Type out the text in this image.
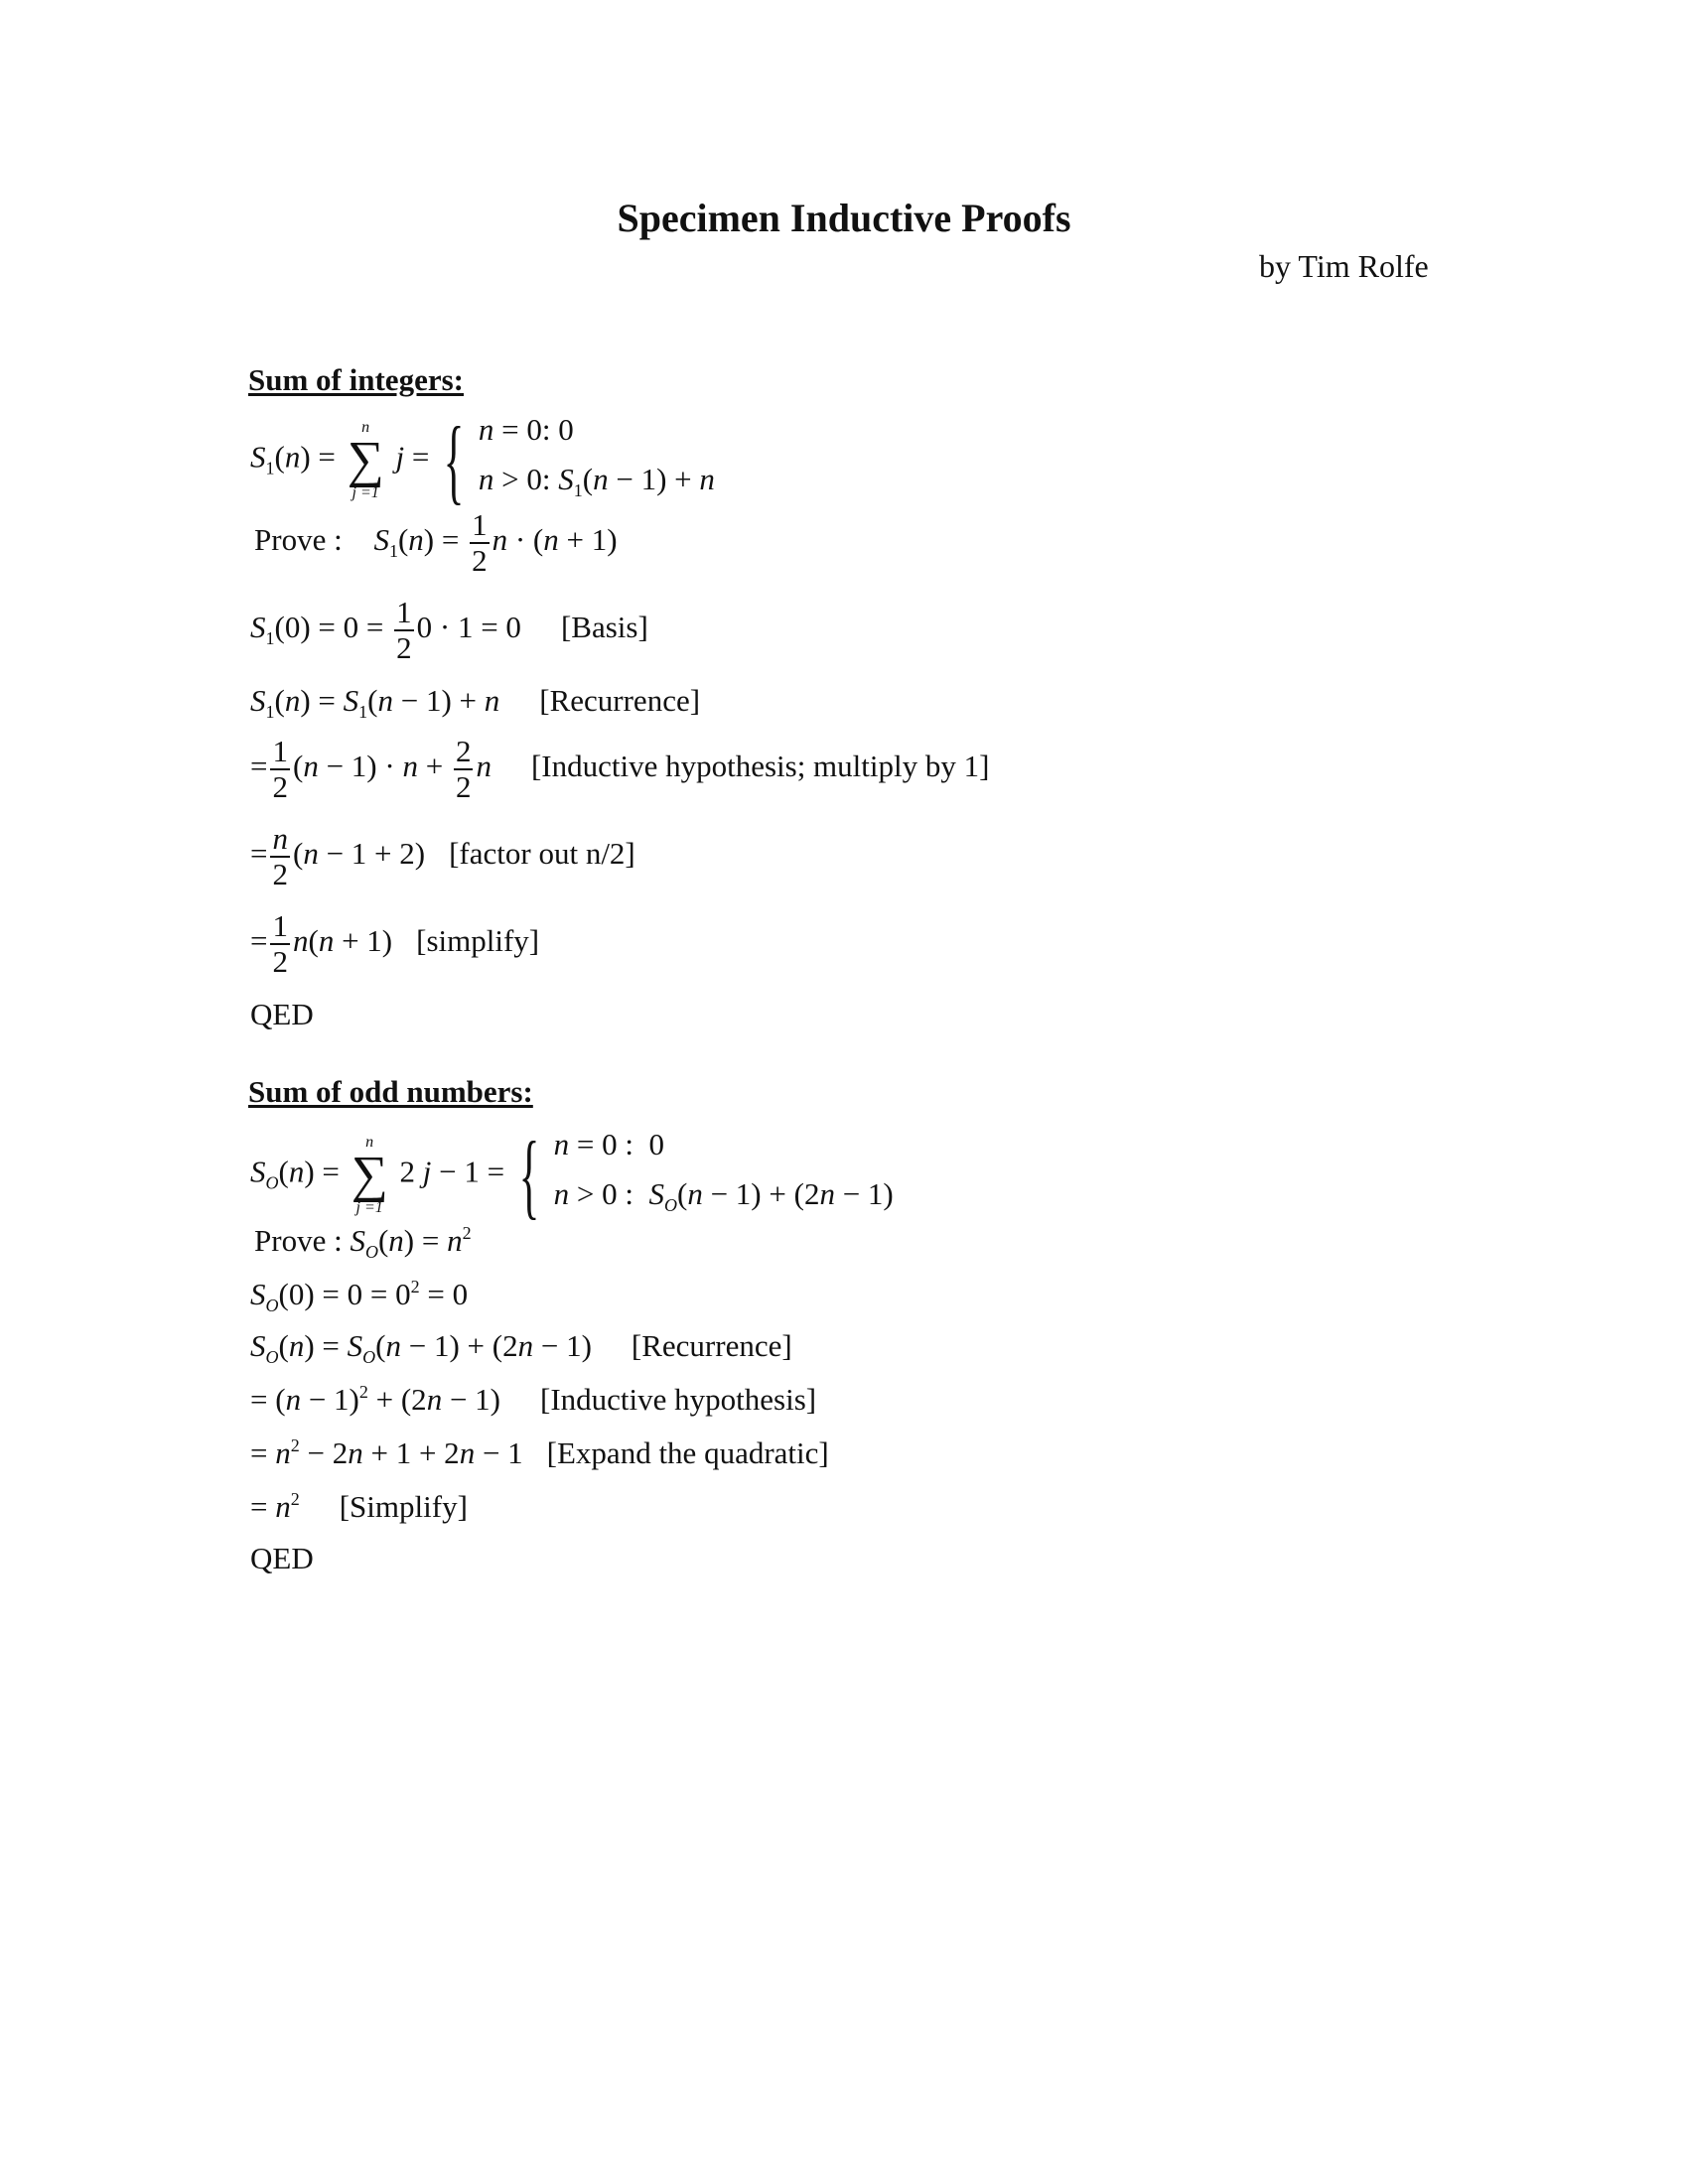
Specimen Inductive Proofs
by Tim Rolfe
Sum of integers:
$S_1(n)$ =
n
∑
j =1
j = { n = 0: 0
n > 0: $S_1(n - 1) + n$
Prove : $S_1(n) = \frac{1}{2}$ n · (n + 1)
$S_1(0) = 0 = \frac{1}{2} 0 \cdot 1 = 0$ [Basis]
$S_1(n) = S_1(n - 1) + n$ [Recurrence]
= $\frac{1}{2} (n - 1) \cdot n + \frac{2}{2}$ n [Inductive hypothesis; multiply by 1]
= $\frac{n}{2} (n - 1 + 2)$ [factor out n/2]
= $\frac{1}{2} n(n + 1)$ [simplify]
QED
Sum of odd numbers:
$S_O(n)$ =
n
∑
j =1
2 j − 1 = { n = 0 :  0
n > 0 :  $S_O(n - 1) + (2n - 1)$
Prove : $S_O(n) = n^2$
$S_O(0) = 0 = 0^2 = 0$
$S_O(n) = S_O(n - 1) + (2n - 1)$ [Recurrence]
= $(n - 1)^2 + (2n - 1)$ [Inductive hypothesis]
= $n^2 - 2n + 1 + 2n - 1$ [Expand the quadratic]
= $n^2$ [Simplify]
QED
